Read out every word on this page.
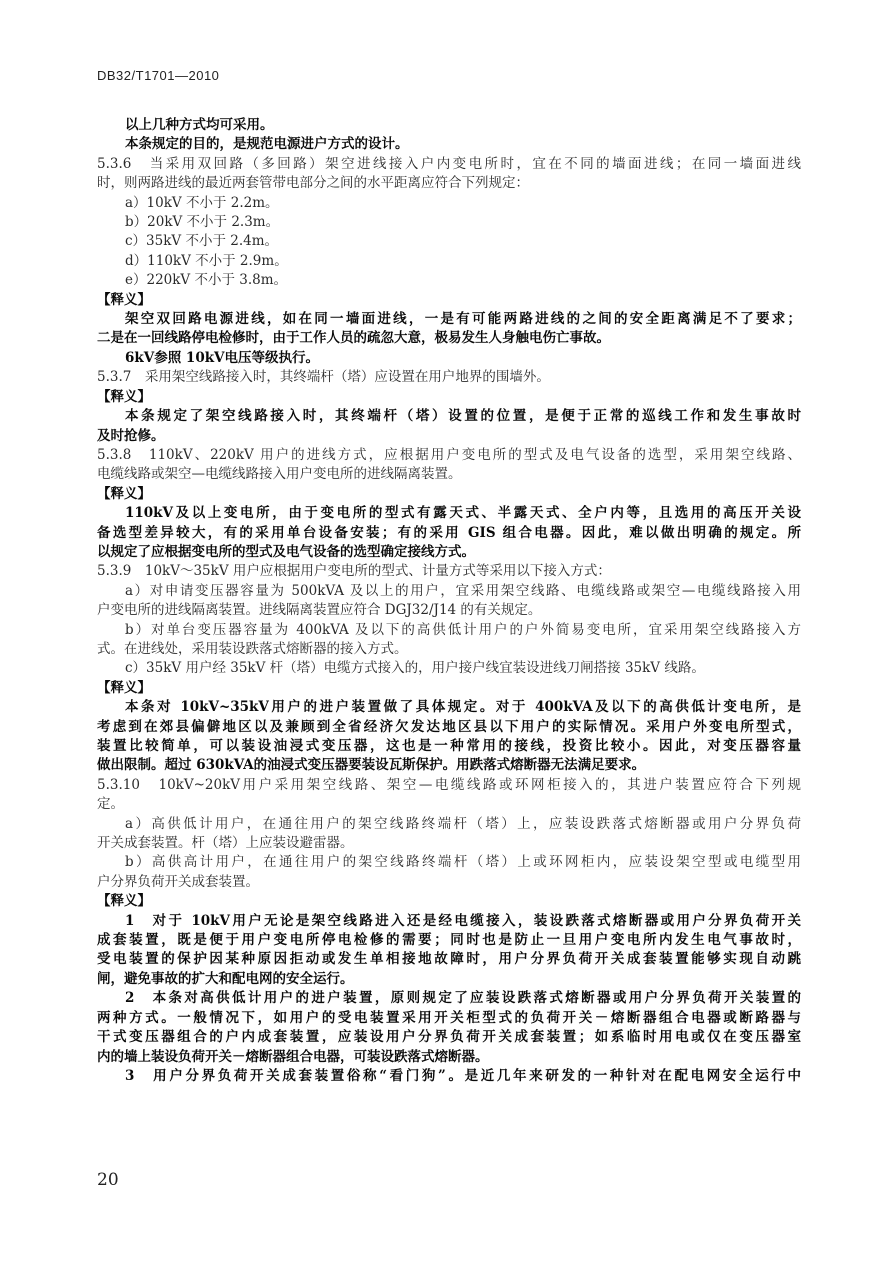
DB32/T1701—2010

以上几种方式均可采用。

本条规定的目的，是规范电源进户方式的设计。

5.3.6　当采用双回路（多回路）架空进线接入户内变电所时，宜在不同的墙面进线；在同一墙面进线

时，则两路进线的最近两套管带电部分之间的水平距离应符合下列规定：

a）10kV 不小于 2.2m。

b）20kV 不小于 2.3m。

c）35kV 不小于 2.4m。

d）110kV 不小于 2.9m。

e）220kV 不小于 3.8m。

【释义】

架空双回路电源进线，如在同一墙面进线，一是有可能两路进线的之间的安全距离满足不了要求；

二是在一回线路停电检修时，由于工作人员的疏忽大意，极易发生人身触电伤亡事故。

6kV参照 10kV电压等级执行。

5.3.7　采用架空线路接入时，其终端杆（塔）应设置在用户地界的围墙外。

【释义】

本条规定了架空线路接入时，其终端杆（塔）设置的位置，是便于正常的巡线工作和发生事故时

及时抢修。

5.3.8　110kV、220kV 用户的进线方式，应根据用户变电所的型式及电气设备的选型，采用架空线路、

电缆线路或架空—电缆线路接入用户变电所的进线隔离装置。

【释义】

110kV及以上变电所，由于变电所的型式有露天式、半露天式、全户内等，且选用的高压开关设

备选型差异较大，有的采用单台设备安装；有的采用 GIS 组合电器。因此，难以做出明确的规定。所

以规定了应根据变电所的型式及电气设备的选型确定接线方式。

5.3.9　10kV～35kV 用户应根据用户变电所的型式、计量方式等采用以下接入方式：

a）对申请变压器容量为 500kVA 及以上的用户，宜采用架空线路、电缆线路或架空—电缆线路接入用

户变电所的进线隔离装置。进线隔离装置应符合 DGJ32/J14 的有关规定。

b）对单台变压器容量为 400kVA 及以下的高供低计用户的户外简易变电所，宜采用架空线路接入方

式。在进线处，采用装设跌落式熔断器的接入方式。

c）35kV 用户经 35kV 杆（塔）电缆方式接入的，用户接户线宜装设进线刀闸搭接 35kV 线路。

【释义】

本条对 10kV~35kV用户的进户装置做了具体规定。对于 400kVA及以下的高供低计变电所，是

考虑到在郊县偏僻地区以及兼顾到全省经济欠发达地区县以下用户的实际情况。采用户外变电所型式，

装置比较简单，可以装设油浸式变压器，这也是一种常用的接线，投资比较小。因此，对变压器容量

做出限制。超过 630kVA的油浸式变压器要装设瓦斯保护。用跌落式熔断器无法满足要求。

5.3.10　10kV~20kV用户采用架空线路、架空—电缆线路或环网柜接入的，其进户装置应符合下列规

定。

a）高供低计用户，在通往用户的架空线路终端杆（塔）上，应装设跌落式熔断器或用户分界负荷

开关成套装置。杆（塔）上应装设避雷器。

b）高供高计用户，在通往用户的架空线路终端杆（塔）上或环网柜内，应装设架空型或电缆型用

户分界负荷开关成套装置。

【释义】

1　对于 10kV用户无论是架空线路进入还是经电缆接入，装设跌落式熔断器或用户分界负荷开关

成套装置，既是便于用户变电所停电检修的需要；同时也是防止一旦用户变电所内发生电气事故时，

受电装置的保护因某种原因拒动或发生单相接地故障时，用户分界负荷开关成套装置能够实现自动跳

闸，避免事故的扩大和配电网的安全运行。

2　本条对高供低计用户的进户装置，原则规定了应装设跌落式熔断器或用户分界负荷开关装置的

两种方式。一般情况下，如用户的受电装置采用开关柜型式的负荷开关－熔断器组合电器或断路器与

干式变压器组合的户内成套装置，应装设用户分界负荷开关成套装置；如系临时用电或仅在变压器室

内的墙上装设负荷开关－熔断器组合电器，可装设跌落式熔断器。

3　用户分界负荷开关成套装置俗称“看门狗”。是近几年来研发的一种针对在配电网安全运行中

20
